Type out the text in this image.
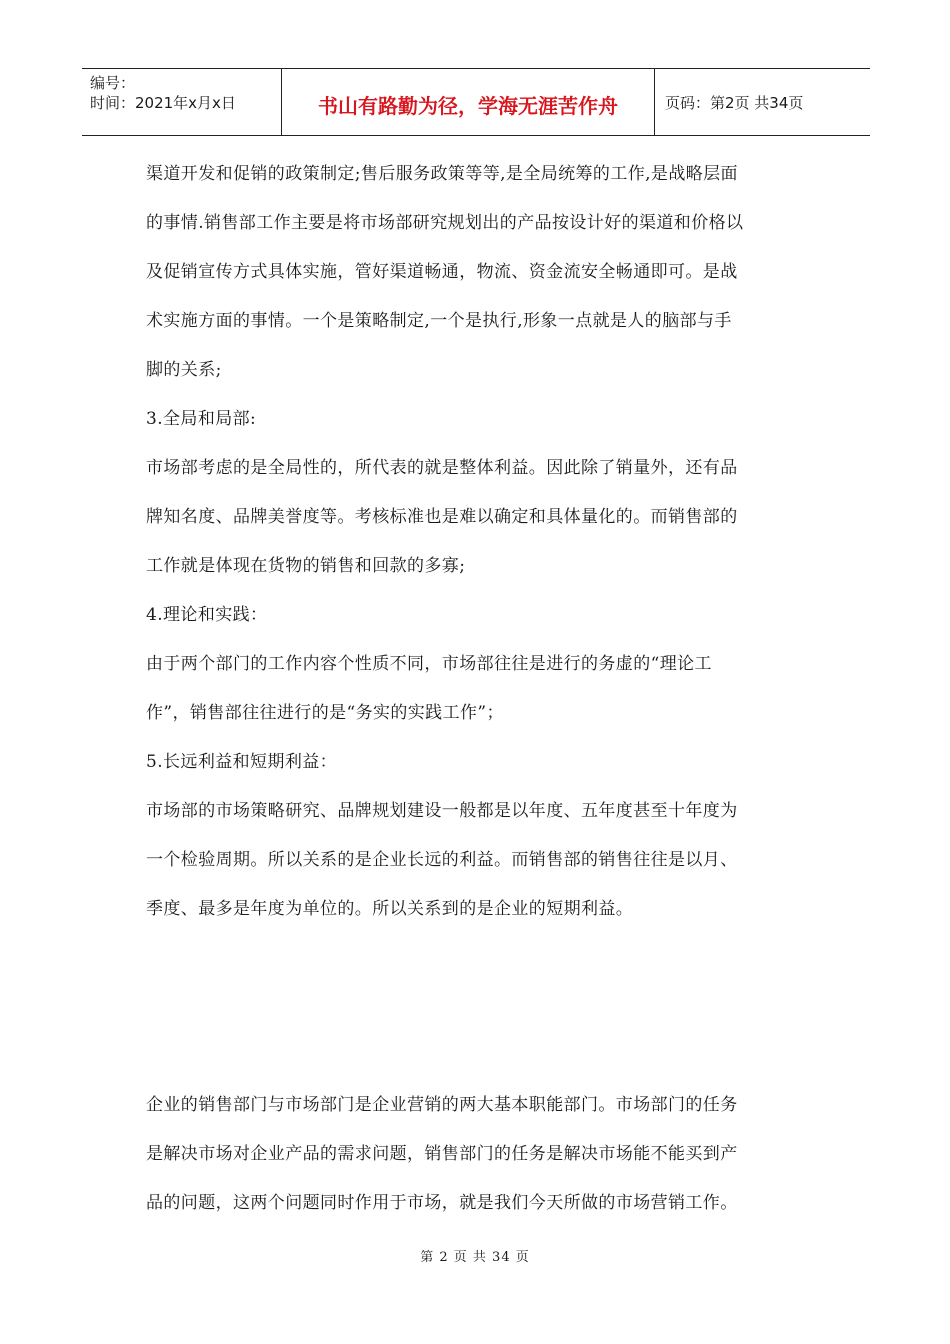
编号：
时间：2021年x月x日	书山有路勤为径，学海无涯苦作舟	页码：第2页 共34页

渠道开发和促销的政策制定;售后服务政策等等,是全局统筹的工作,是战略层面

的事情.销售部工作主要是将市场部研究规划出的产品按设计好的渠道和价格以

及促销宣传方式具体实施，管好渠道畅通，物流、资金流安全畅通即可。是战

术实施方面的事情。一个是策略制定,一个是执行,形象一点就是人的脑部与手

脚的关系;

3.全局和局部:

市场部考虑的是全局性的，所代表的就是整体利益。因此除了销量外，还有品

牌知名度、品牌美誉度等。考核标准也是难以确定和具体量化的。而销售部的

工作就是体现在货物的销售和回款的多寡;

4.理论和实践：

由于两个部门的工作内容个性质不同，市场部往往是进行的务虚的“理论工

作”，销售部往往进行的是“务实的实践工作”；

5.长远利益和短期利益：

市场部的市场策略研究、品牌规划建设一般都是以年度、五年度甚至十年度为

一个检验周期。所以关系的是企业长远的利益。而销售部的销售往往是以月、

季度、最多是年度为单位的。所以关系到的是企业的短期利益。

企业的销售部门与市场部门是企业营销的两大基本职能部门。市场部门的任务

是解决市场对企业产品的需求问题，销售部门的任务是解决市场能不能买到产

品的问题，这两个问题同时作用于市场，就是我们今天所做的市场营销工作。

第 2 页 共 34 页
